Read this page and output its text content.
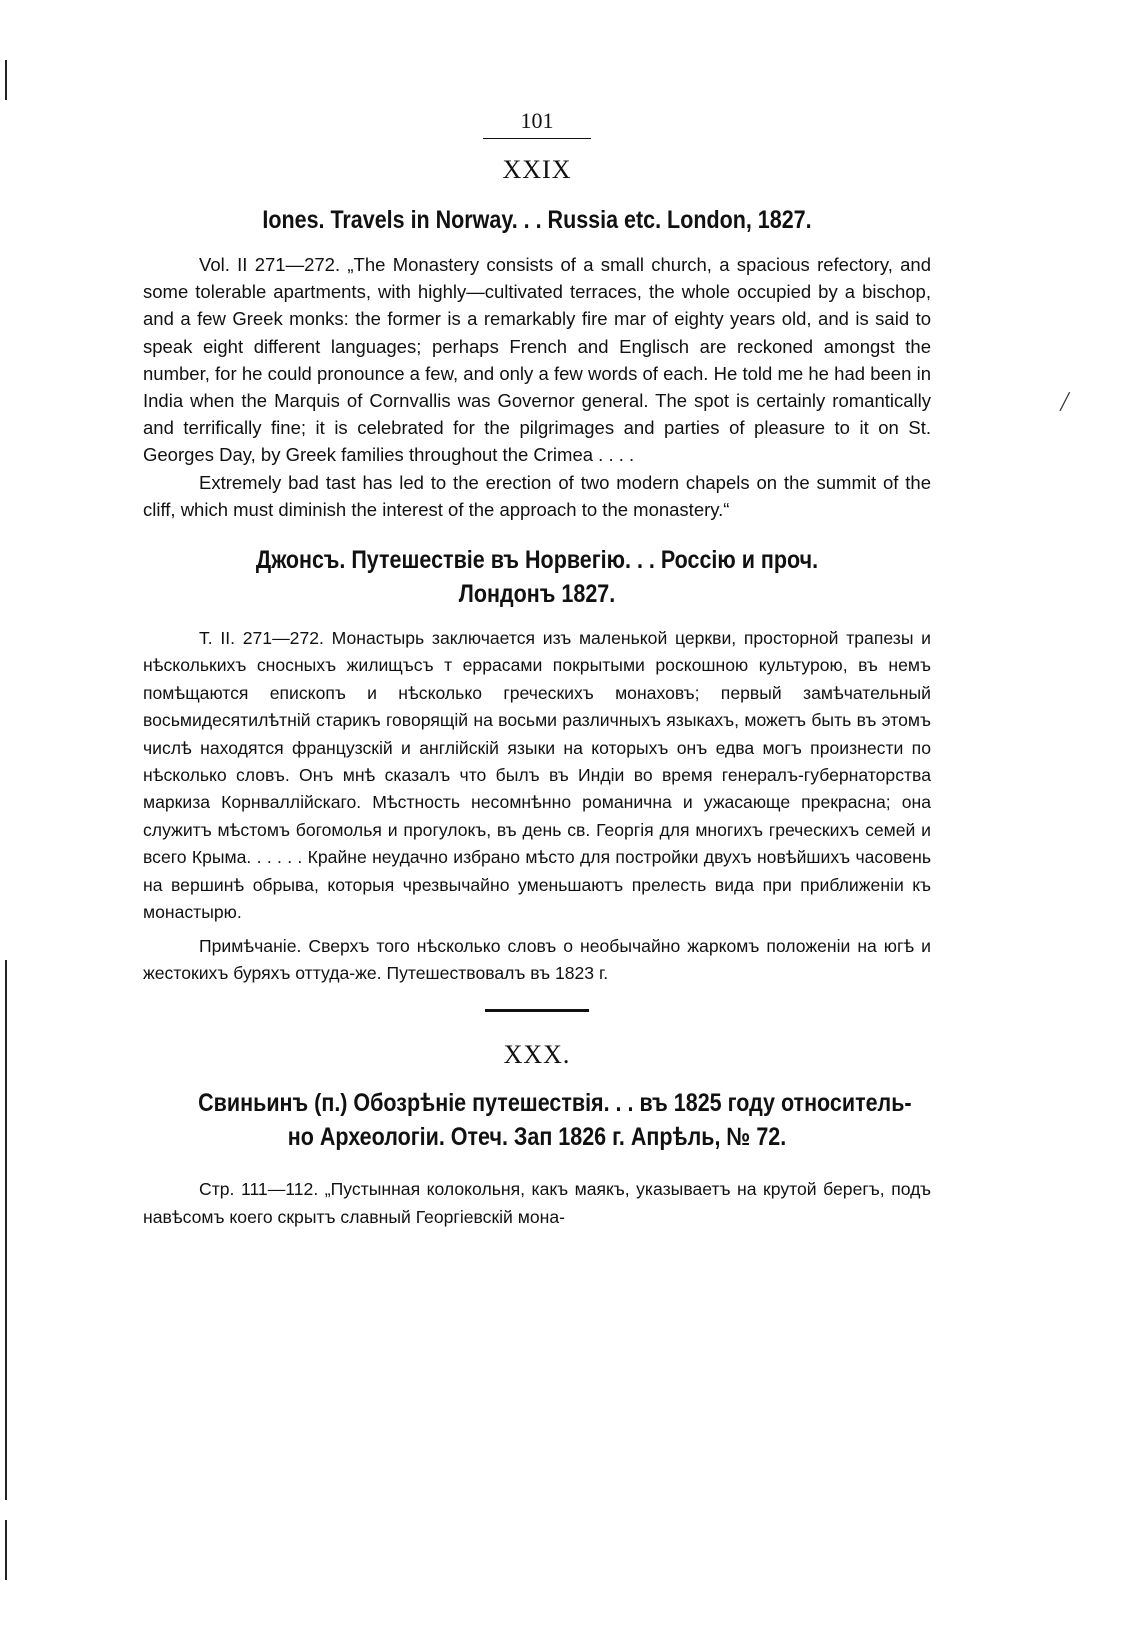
╱
101
XXIX
Iones. Travels in Norway. . . Russia etc. London, 1827.

Vol. II 271—272. „The Monastery consists of a small church, a spacious refectory, and some tolerable apartments, with highly—cultivated terraces, the whole occupied by a bischop, and a few Greek monks: the former is a remarkably fire mar of eighty years old, and is said to speak eight different languages; perhaps French and Englisch are reckoned amongst the number, for he could pronounce a few, and only a few words of each. He told me he had been in India when the Marquis of Cornvallis was Governor general. The spot is certainly romantically and terrifically fine; it is celebrated for the pilgrimages and parties of pleasure to it on St. Georges Day, by Greek families throughout the Crimea . . . .

Extremely bad tast has led to the erection of two modern chapels on the summit of the cliff, which must diminish the interest of the approach to the monastery.“

Джонсъ. Путешествіе въ Норвегію. . . Россію и проч.
Лондонъ 1827.

Т. II. 271—272. Монастырь заключается изъ маленькой церкви, просторной трапезы и нѣсколькихъ сносныхъ жилищъсъ т еррасами покрытыми роскошною культурою, въ немъ помѣщаются епископъ и нѣсколько греческихъ монаховъ; первый замѣчательный восьмидесятилѣтній старикъ говорящій на восьми различныхъ языкахъ, можетъ быть въ этомъ числѣ находятся французскій и англійскій языки на которыхъ онъ едва могъ произнести по нѣсколько словъ. Онъ мнѣ сказалъ что былъ въ Индіи во время генералъ-губернаторства маркиза Корнваллійскаго. Мѣстность несомнѣнно романична и ужасающе прекрасна; она служитъ мѣстомъ богомолья и прогулокъ, въ день св. Георгія для многихъ греческихъ семей и всего Крыма. . . . . . Крайне неудачно избрано мѣсто для постройки двухъ новѣйшихъ часовень на вершинѣ обрыва, которыя чрезвычайно уменьшаютъ прелесть вида при приближеніи къ монастырю.

Примѣчаніе. Сверхъ того нѣсколько словъ о необычайно жаркомъ положеніи на югѣ и жестокихъ буряхъ оттуда-же. Путешествовалъ въ 1823 г.

XXX.
Свиньинъ (п.) Обозрѣніе путешествія. . . въ 1825 году относитель-
но Археологіи. Отеч. Зап 1826 г. Апрѣль, № 72.

Стр. 111—112. „Пустынная колокольня, какъ маякъ, указываетъ на крутой берегъ, подъ навѣсомъ коего скрытъ славный Георгіевскій мона-
